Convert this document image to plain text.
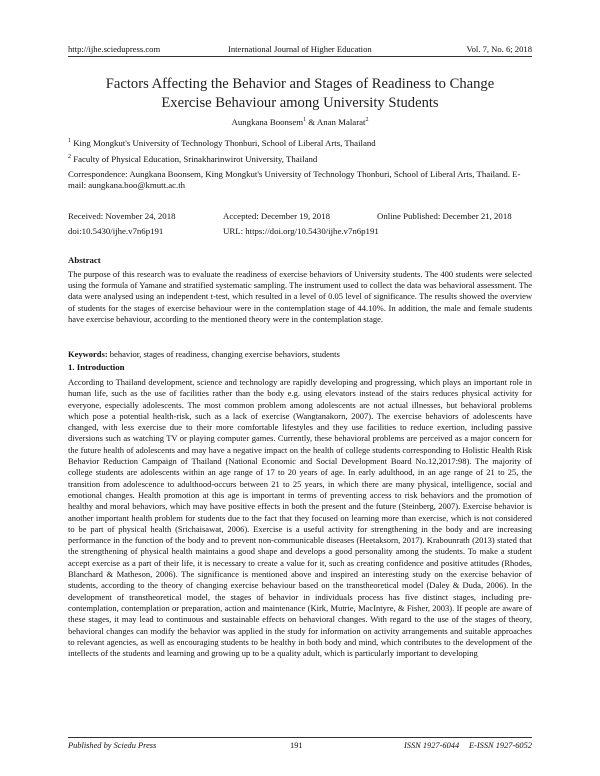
http://ijhe.sciedupress.com	International Journal of Higher Education	Vol. 7, No. 6; 2018
Factors Affecting the Behavior and Stages of Readiness to Change
Exercise Behaviour among University Students
Aungkana Boonsem$^1$ & Anan Malarat$^2$
$^1$ King Mongkut's University of Technology Thonburi, School of Liberal Arts, Thailand
$^2$ Faculty of Physical Education, Srinakharinwirot University, Thailand
Correspondence: Aungkana Boonsem, King Mongkut's University of Technology Thonburi, School of Liberal Arts, Thailand. E-mail: aungkana.boo@kmutt.ac.th
Received: November 24, 2018	Accepted: December 19, 2018	Online Published: December 21, 2018
doi:10.5430/ijhe.v7n6p191	URL: https://doi.org/10.5430/ijhe.v7n6p191
Abstract
The purpose of this research was to evaluate the readiness of exercise behaviors of University students. The 400 students were selected using the formula of Yamane and stratified systematic sampling. The instrument used to collect the data was behavioral assessment. The data were analysed using an independent t-test, which resulted in a level of 0.05 level of significance. The results showed the overview of students for the stages of exercise behaviour were in the contemplation stage of 44.10%. In addition, the male and female students have exercise behaviour, according to the mentioned theory were in the contemplation stage.
Keywords: behavior, stages of readiness, changing exercise behaviors, students
1. Introduction
According to Thailand development, science and technology are rapidly developing and progressing, which plays an important role in human life, such as the use of facilities rather than the body e.g. using elevators instead of the stairs reduces physical activity for everyone, especially adolescents. The most common problem among adolescents are not actual illnesses, but behavioral problems which pose a potential health-risk, such as a lack of exercise (Wangtanakorn, 2007). The exercise behaviors of adolescents have changed, with less exercise due to their more comfortable lifestyles and they use facilities to reduce exertion, including passive diversions such as watching TV or playing computer games. Currently, these behavioral problems are perceived as a major concern for the future health of adolescents and may have a negative impact on the health of college students corresponding to Holistic Health Risk Behavior Reduction Campaign of Thailand (National Economic and Social Development Board No.12,2017:98). The majority of college students are adolescents within an age range of 17 to 20 years of age. In early adulthood, in an age range of 21 to 25, the transition from adolescence to adulthood-occurs between 21 to 25 years, in which there are many physical, intelligence, social and emotional changes. Health promotion at this age is important in terms of preventing access to risk behaviors and the promotion of healthy and moral behaviors, which may have positive effects in both the present and the future (Steinberg, 2007). Exercise behavior is another important health problem for students due to the fact that they focused on learning more than exercise, which is not considered to be part of physical health (Srichaisawat, 2006). Exercise is a useful activity for strengthening in the body and are increasing performance in the function of the body and to prevent non-communicable diseases (Heetaksorn, 2017). Krabounrath (2013) stated that the strengthening of physical health maintains a good shape and develops a good personality among the students. To make a student accept exercise as a part of their life, it is necessary to create a value for it, such as creating confidence and positive attitudes (Rhodes, Blanchard & Matheson, 2006). The significance is mentioned above and inspired an interesting study on the exercise behavior of students, according to the theory of changing exercise behaviour based on the transtheoretical model (Daley & Duda, 2006). In the development of transtheoretical model, the stages of behavior in individuals process has five distinct stages, including pre-contemplation, contemplation or preparation, action and maintenance (Kirk, Mutrie, MacIntyre, & Fisher, 2003). If people are aware of these stages, it may lead to continuous and sustainable effects on behavioral changes. With regard to the use of the stages of theory, behavioral changes can modify the behavior was applied in the study for information on activity arrangements and suitable approaches to relevant agencies, as well as encouraging students to be healthy in both body and mind, which contributes to the development of the intellects of the students and learning and growing up to be a quality adult, which is particularly important to developing
Published by Sciedu Press	191	ISSN 1927-6044 E-ISSN 1927-6052
